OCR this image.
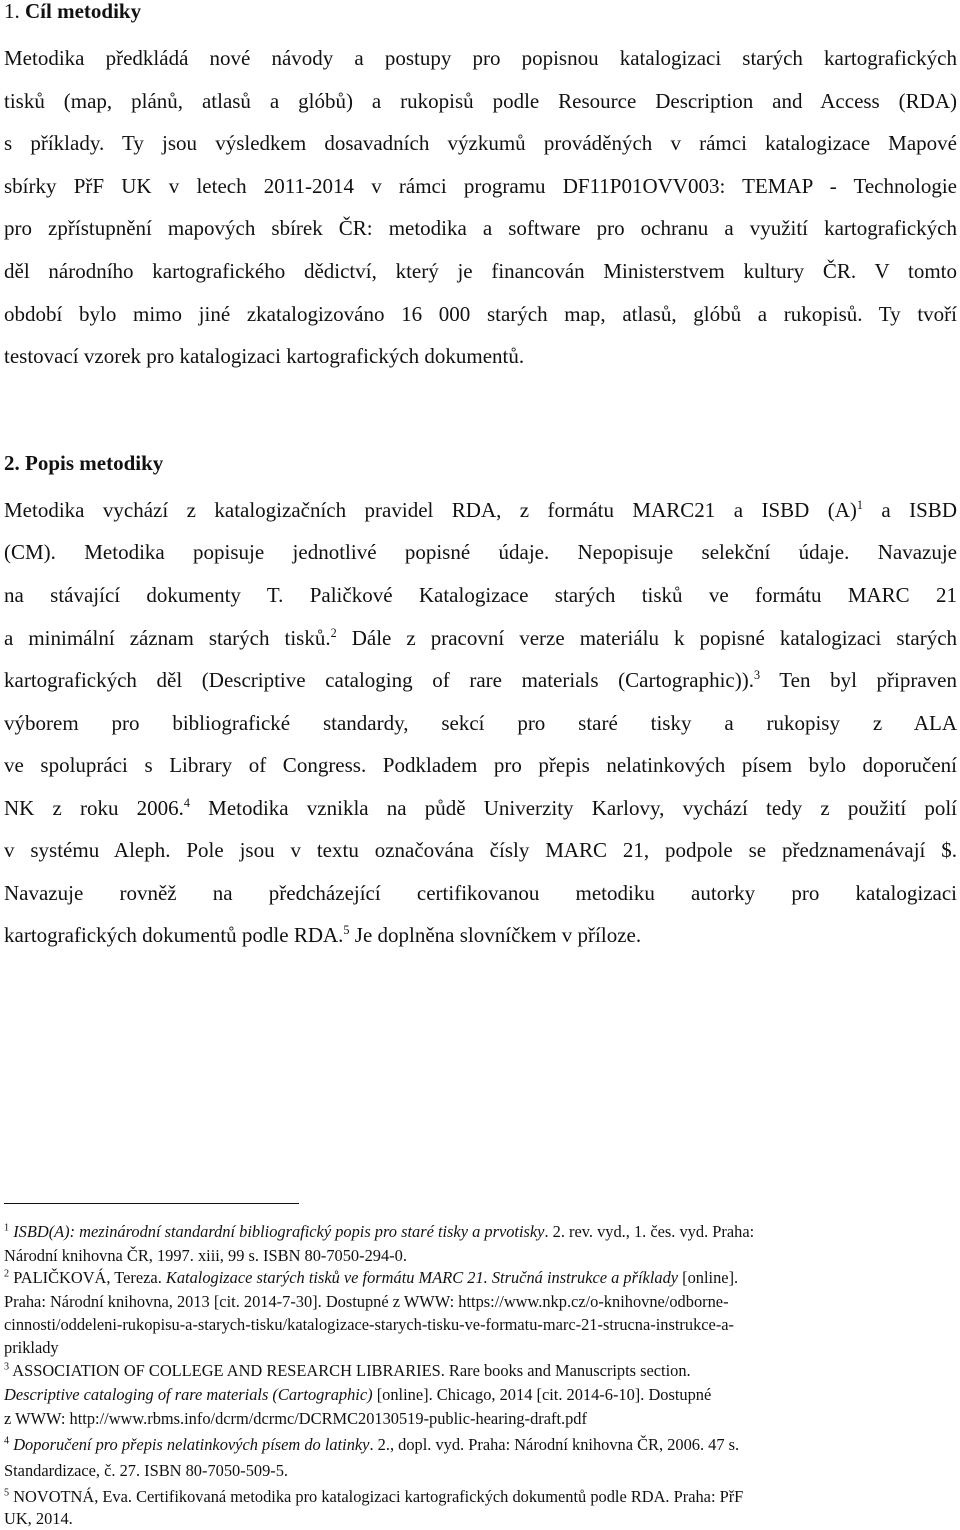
1. Cíl metodiky
Metodika předkládá nové návody a postupy pro popisnou katalogizaci starých kartografických
tisků (map, plánů, atlasů a glóbů) a rukopisů podle Resource Description and Access (RDA)
s příklady. Ty jsou výsledkem dosavadních výzkumů prováděných v rámci katalogizace Mapové
sbírky PřF UK v letech 2011-2014 v rámci programu DF11P01OVV003: TEMAP - Technologie
pro zpřístupnění mapových sbírek ČR: metodika a software pro ochranu a využití kartografických
děl národního kartografického dědictví, který je financován Ministerstvem kultury ČR. V tomto
období bylo mimo jiné zkatalogizováno 16 000 starých map, atlasů, glóbů a rukopisů. Ty tvoří
testovací vzorek pro katalogizaci kartografických dokumentů.
2. Popis metodiky
Metodika vychází z katalogizačních pravidel RDA, z formátu MARC21 a ISBD $(A)^1$ a ISBD
(CM). Metodika popisuje jednotlivé popisné údaje. Nepopisuje selekční údaje. Navazuje
na stávající dokumenty T. Paličkové Katalogizace starých tisků ve formátu MARC 21
a minimální záznam starých tisků.$^2$ Dále z pracovní verze materiálu k popisné katalogizaci starých
kartografických děl (Descriptive cataloging of rare materials (Cartographic)).$^3$ Ten byl připraven
výborem pro bibliografické standardy, sekcí pro staré tisky a rukopisy z ALA
ve spolupráci s Library of Congress. Podkladem pro přepis nelatinkových písem bylo doporučení
NK z roku 2006.$^4$ Metodika vznikla na půdě Univerzity Karlovy, vychází tedy z použití polí
v systému Aleph. Pole jsou v textu označována čísly MARC 21, podpole se předznamenávají $.
Navazuje rovněž na předcházející certifikovanou metodiku autorky pro katalogizaci
kartografických dokumentů podle RDA.$^5$ Je doplněna slovníčkem v příloze.
$^1$ ISBD(A): mezinárodní standardní bibliografický popis pro staré tisky a prvotisky. 2. rev. vyd., 1. čes. vyd. Praha:
Národní knihovna ČR, 1997. xiii, 99 s. ISBN 80-7050-294-0.
$^2$ PALIČKOVÁ, Tereza. Katalogizace starých tisků ve formátu MARC 21. Stručná instrukce a příklady [online].
Praha: Národní knihovna, 2013 [cit. 2014-7-30]. Dostupné z WWW: https://www.nkp.cz/o-knihovne/odborne-
cinnosti/oddeleni-rukopisu-a-starych-tisku/katalogizace-starych-tisku-ve-formatu-marc-21-strucna-instrukce-a-
priklady
$^3$ ASSOCIATION OF COLLEGE AND RESEARCH LIBRARIES. Rare books and Manuscripts section.
Descriptive cataloging of rare materials (Cartographic) [online]. Chicago, 2014 [cit. 2014-6-10]. Dostupné
z WWW: http://www.rbms.info/dcrm/dcrmc/DCRMC20130519-public-hearing-draft.pdf
$^4$ Doporučení pro přepis nelatinkových písem do latinky. 2., dopl. vyd. Praha: Národní knihovna ČR, 2006. 47 s.
Standardizace, č. 27. ISBN 80-7050-509-5.
$^5$ NOVOTNÁ, Eva. Certifikovaná metodika pro katalogizaci kartografických dokumentů podle RDA. Praha: PřF
UK, 2014.
